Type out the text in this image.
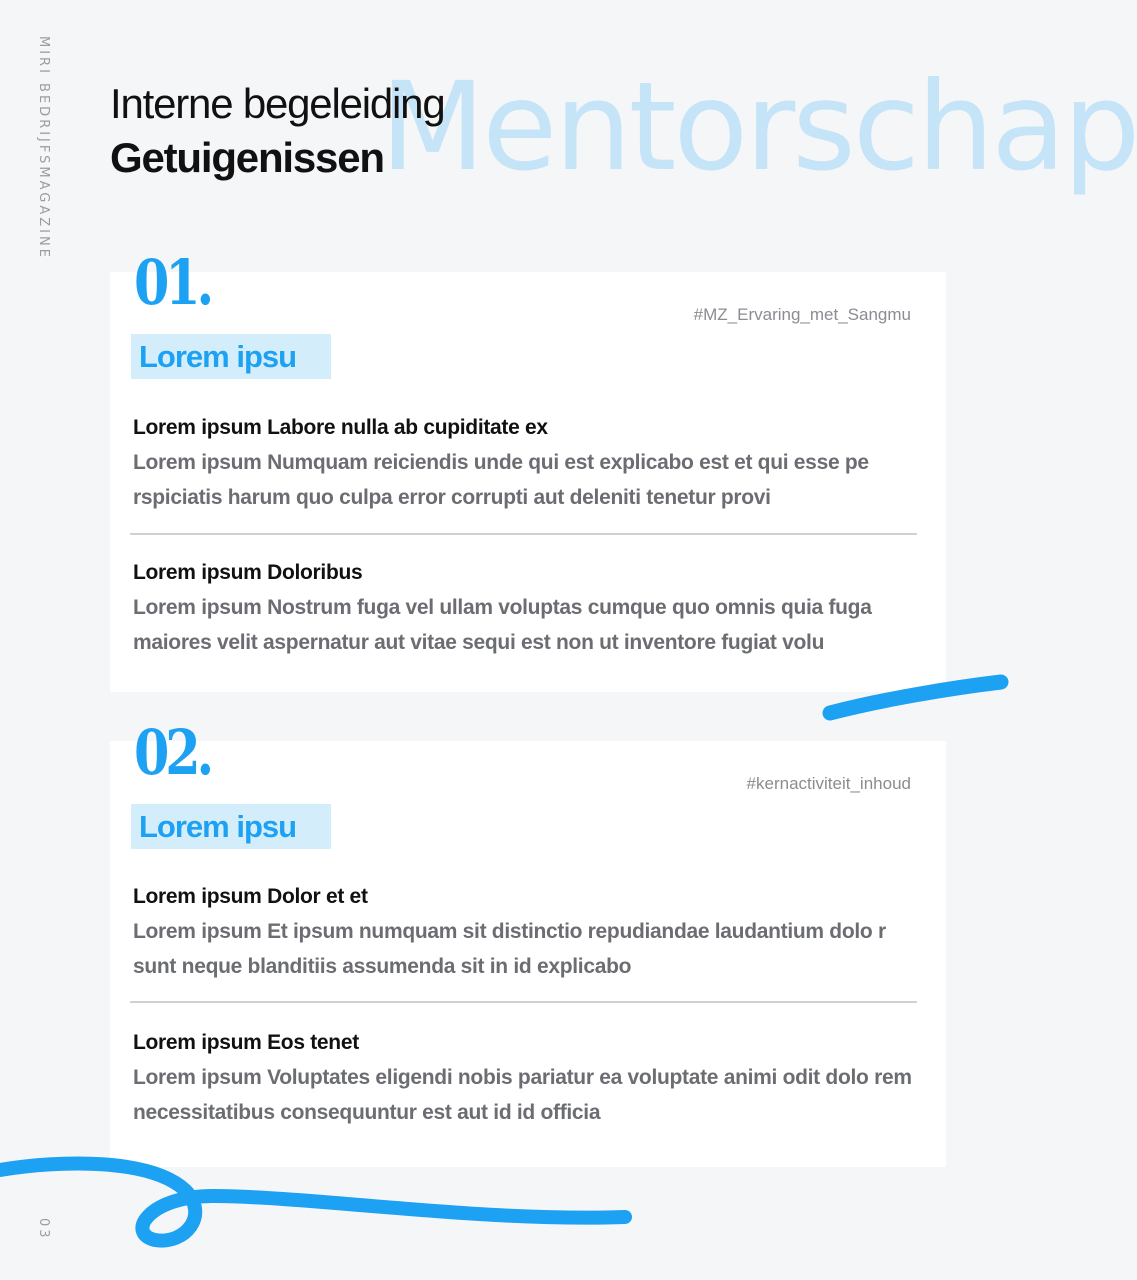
MIRI BEDRIJFSMAGAZINE	Mentorschap
Interne begeleiding
Getuigenissen
01.	#MZ_Ervaring_met_Sangmu
Lorem ipsu
Lorem ipsum Labore nulla ab cupiditate ex
Lorem ipsum Numquam reiciendis unde qui est explicabo est et qui esse pe rspiciatis harum quo culpa error corrupti aut deleniti tenetur provi
Lorem ipsum Doloribus
Lorem ipsum Nostrum fuga vel ullam voluptas cumque quo omnis quia fuga maiores velit aspernatur aut vitae sequi est non ut inventore fugiat volu
02.	#kernactiviteit_inhoud
Lorem ipsu
Lorem ipsum Dolor et et
Lorem ipsum Et ipsum numquam sit distinctio repudiandae laudantium dolo r sunt neque blanditiis assumenda sit in id explicabo
Lorem ipsum Eos tenet
Lorem ipsum Voluptates eligendi nobis pariatur ea voluptate animi odit dolo rem necessitatibus consequuntur est aut id id officia
03
